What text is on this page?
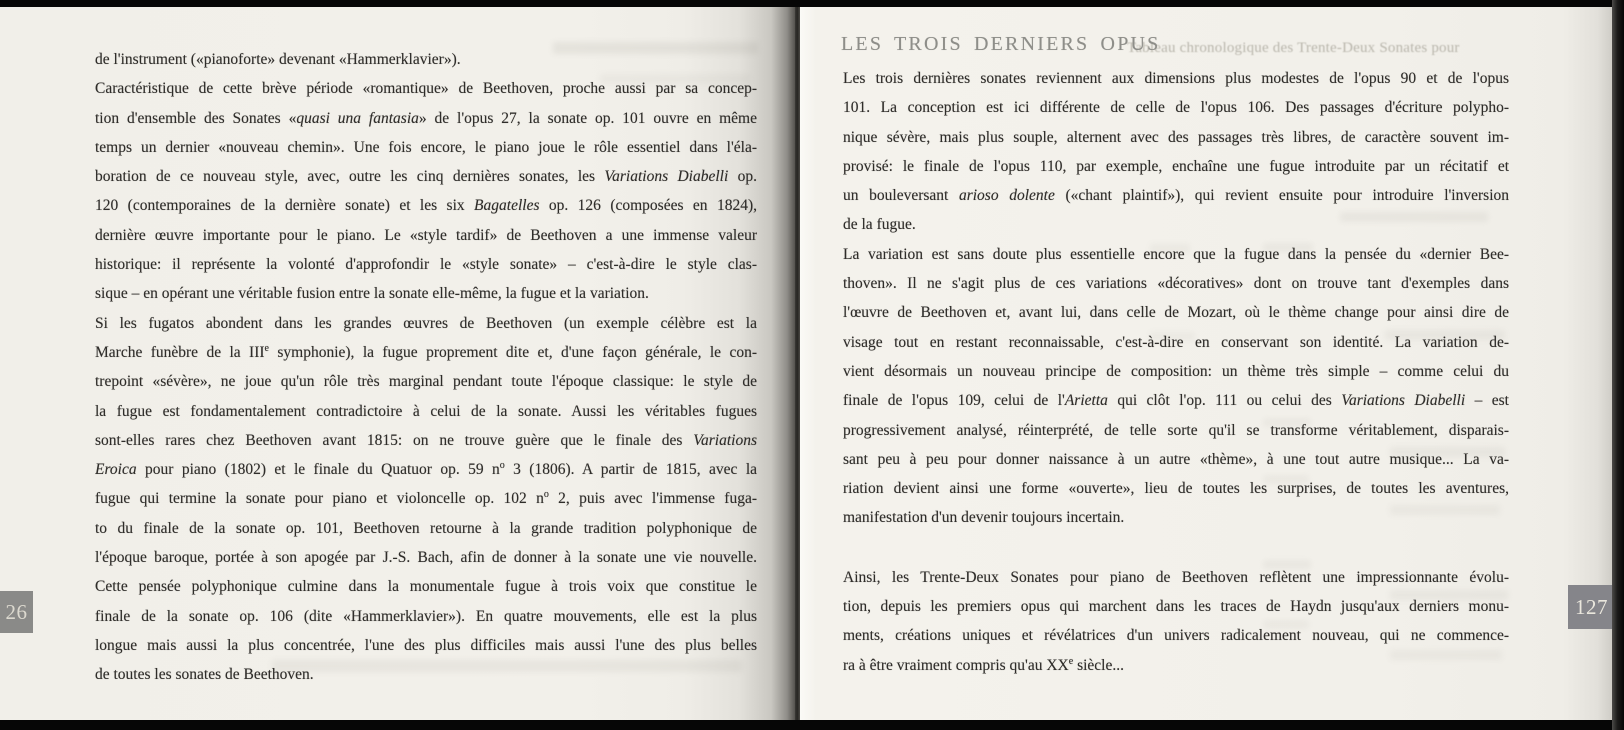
Tableau chronologique des Trente-Deux Sonates pour
de l'instrument («pianoforte» devenant «Hammerklavier»).
Caractéristique de cette brève période «romantique» de Beethoven, proche aussi par sa concep-
tion d'ensemble des Sonates «quasi una fantasia» de l'opus 27, la sonate op. 101 ouvre en même
temps un dernier «nouveau chemin». Une fois encore, le piano joue le rôle essentiel dans l'éla-
boration de ce nouveau style, avec, outre les cinq dernières sonates, les Variations Diabelli op.
120 (contemporaines de la dernière sonate) et les six Bagatelles op. 126 (composées en 1824),
dernière œuvre importante pour le piano. Le «style tardif» de Beethoven a une immense valeur
historique: il représente la volonté d'approfondir le «style sonate» – c'est-à-dire le style clas-
sique – en opérant une véritable fusion entre la sonate elle-même, la fugue et la variation.
Si les fugatos abondent dans les grandes œuvres de Beethoven (un exemple célèbre est la
Marche funèbre de la IIIe symphonie), la fugue proprement dite et, d'une façon générale, le con-
trepoint «sévère», ne joue qu'un rôle très marginal pendant toute l'époque classique: le style de
la fugue est fondamentalement contradictoire à celui de la sonate. Aussi les véritables fugues
sont-elles rares chez Beethoven avant 1815: on ne trouve guère que le finale des Variations
Eroica pour piano (1802) et le finale du Quatuor op. 59 $n^o$ 3 (1806). A partir de 1815, avec la
fugue qui termine la sonate pour piano et violoncelle op. 102 $n^o$ 2, puis avec l'immense fuga-
to du finale de la sonate op. 101, Beethoven retourne à la grande tradition polyphonique de
l'époque baroque, portée à son apogée par J.-S. Bach, afin de donner à la sonate une vie nouvelle.
Cette pensée polyphonique culmine dans la monumentale fugue à trois voix que constitue le
finale de la sonate op. 106 (dite «Hammerklavier»). En quatre mouvements, elle est la plus
longue mais aussi la plus concentrée, l'une des plus difficiles mais aussi l'une des plus belles
de toutes les sonates de Beethoven.
LES TROIS DERNIERS OPUS
Les trois dernières sonates reviennent aux dimensions plus modestes de l'opus 90 et de l'opus
101. La conception est ici différente de celle de l'opus 106. Des passages d'écriture polypho-
nique sévère, mais plus souple, alternent avec des passages très libres, de caractère souvent im-
provisé: le finale de l'opus 110, par exemple, enchaîne une fugue introduite par un récitatif et
un bouleversant arioso dolente («chant plaintif»), qui revient ensuite pour introduire l'inversion
de la fugue.
La variation est sans doute plus essentielle encore que la fugue dans la pensée du «dernier Bee-
thoven». Il ne s'agit plus de ces variations «décoratives» dont on trouve tant d'exemples dans
l'œuvre de Beethoven et, avant lui, dans celle de Mozart, où le thème change pour ainsi dire de
visage tout en restant reconnaissable, c'est-à-dire en conservant son identité. La variation de-
vient désormais un nouveau principe de composition: un thème très simple – comme celui du
finale de l'opus 109, celui de l'Arietta qui clôt l'op. 111 ou celui des Variations Diabelli – est
progressivement analysé, réinterprété, de telle sorte qu'il se transforme véritablement, disparais-
sant peu à peu pour donner naissance à un autre «thème», à une tout autre musique... La va-
riation devient ainsi une forme «ouverte», lieu de toutes les surprises, de toutes les aventures,
manifestation d'un devenir toujours incertain.
Ainsi, les Trente-Deux Sonates pour piano de Beethoven reflètent une impressionnante évolu-
tion, depuis les premiers opus qui marchent dans les traces de Haydn jusqu'aux derniers monu-
ments, créations uniques et révélatrices d'un univers radicalement nouveau, qui ne commence-
ra à être vraiment compris qu'au XXe siècle...
26	127
